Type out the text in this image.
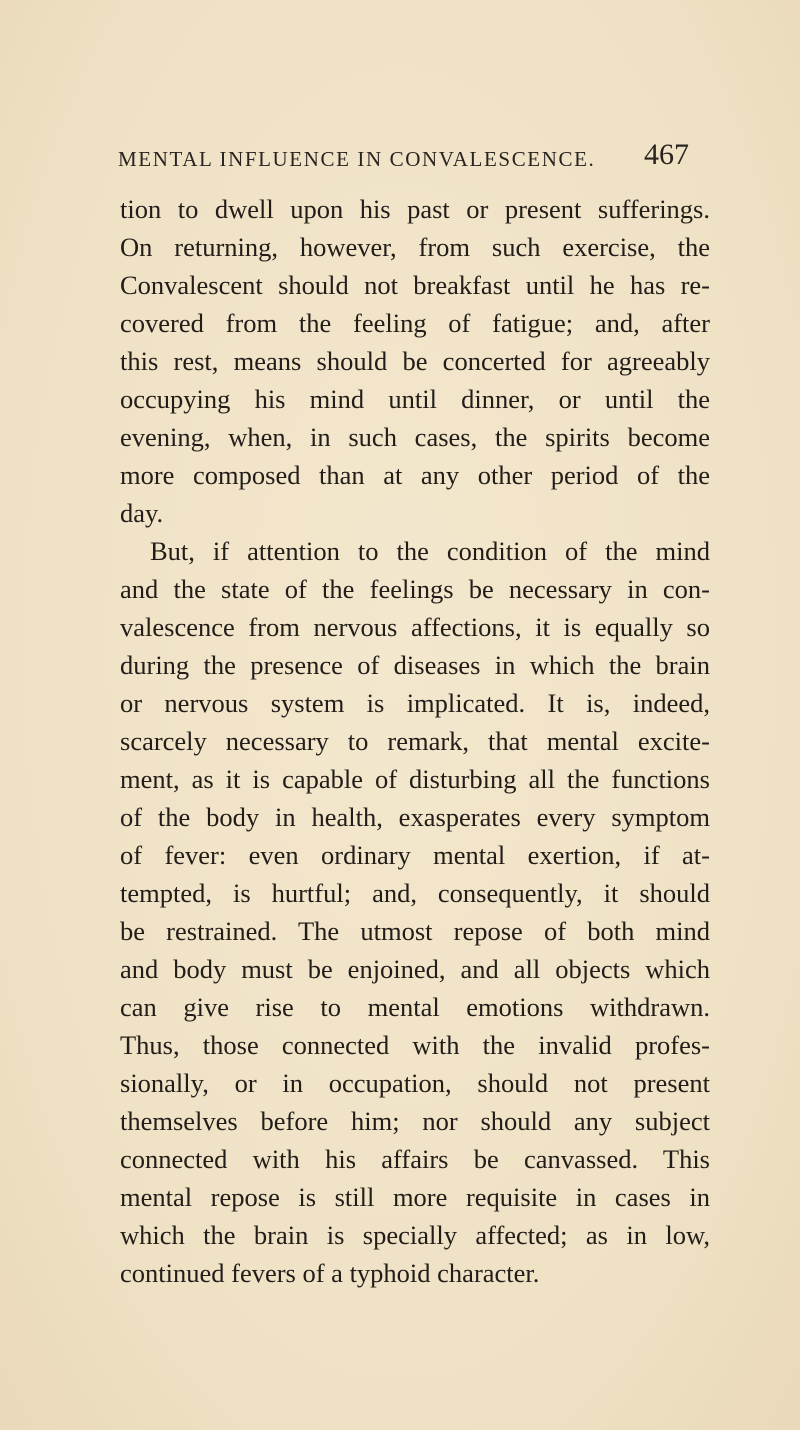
MENTAL INFLUENCE IN CONVALESCENCE. 467
tion to dwell upon his past or present sufferings.
On returning, however, from such exercise, the
Convalescent should not breakfast until he has re-
covered from the feeling of fatigue; and, after
this rest, means should be concerted for agreeably
occupying his mind until dinner, or until the
evening, when, in such cases, the spirits become
more composed than at any other period of the
day.
But, if attention to the condition of the mind
and the state of the feelings be necessary in con-
valescence from nervous affections, it is equally so
during the presence of diseases in which the brain
or nervous system is implicated. It is, indeed,
scarcely necessary to remark, that mental excite-
ment, as it is capable of disturbing all the functions
of the body in health, exasperates every symptom
of fever: even ordinary mental exertion, if at-
tempted, is hurtful; and, consequently, it should
be restrained. The utmost repose of both mind
and body must be enjoined, and all objects which
can give rise to mental emotions withdrawn.
Thus, those connected with the invalid profes-
sionally, or in occupation, should not present
themselves before him; nor should any subject
connected with his affairs be canvassed. This
mental repose is still more requisite in cases in
which the brain is specially affected; as in low,
continued fevers of a typhoid character.
